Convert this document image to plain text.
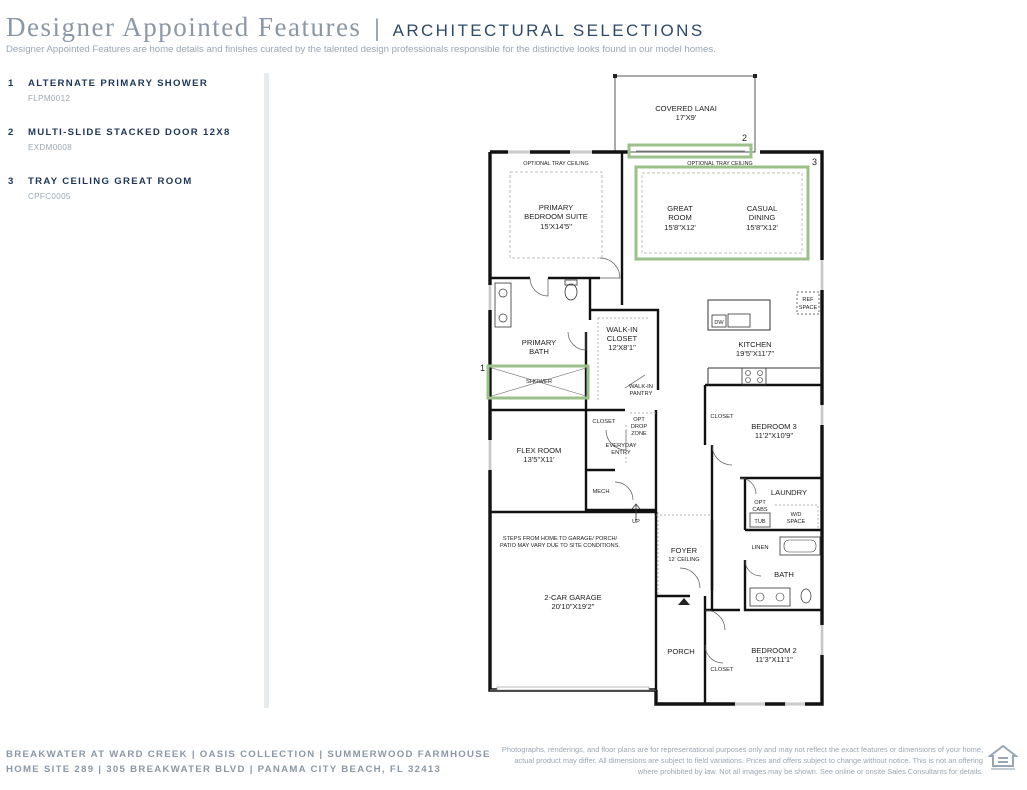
Designer Appointed Features | ARCHITECTURAL SELECTIONS
Designer Appointed Features are home details and finishes curated by the talented design professionals responsible for the distinctive looks found in our model homes.
1 ALTERNATE PRIMARY SHOWER
FLPM0012
2 MULTI-SLIDE STACKED DOOR 12X8
EXDM0008
3 TRAY CEILING GREAT ROOM
CPFC0005
1
2
3
COVERED LANAI
17'X9'
OPTIONAL TRAY CEILING	OPTIONAL TRAY CEILING
PRIMARY
BEDROOM SUITE
15'X14'5"
GREAT
ROOM
15'8"X12'
CASUAL
DINING
15'8"X12'
REF
SPACE
DW
WALK-IN
CLOSET
12'X8'1"
PRIMARY
BATH
SHOWER
KITCHEN
19'5"X11'7"
WALK-IN
PANTRY
CLOSET
CLOSET
CLOSET
OPT
DROP
ZONE
EVERYDAY
ENTRY
BEDROOM 3
11'2"X10'9"
FLEX ROOM
13'5"X11'
LAUNDRY
OPT
CABS
TUB
W/D
SPACE
MECH
UP
STEPS FROM HOME TO GARAGE/ PORCH/
PATIO MAY VARY DUE TO SITE CONDITIONS.	FOYER
12' CEILING
LINEN
BATH
2-CAR GARAGE
20'10"X19'2"
PORCH	BEDROOM 2
11'3"X11'1"
BREAKWATER AT WARD CREEK | OASIS COLLECTION | SUMMERWOOD FARMHOUSE
HOME SITE 289 | 305 BREAKWATER BLVD | PANAMA CITY BEACH, FL 32413
Photographs, renderings, and floor plans are for representational purposes only and may not reflect the exact features or dimensions of your home, actual product may differ. All dimensions are subject to field variations. Prices and offers subject to change without notice. This is not an offering where prohibited by law. Not all images may be shown. See online or onsite Sales Consultants for details.
